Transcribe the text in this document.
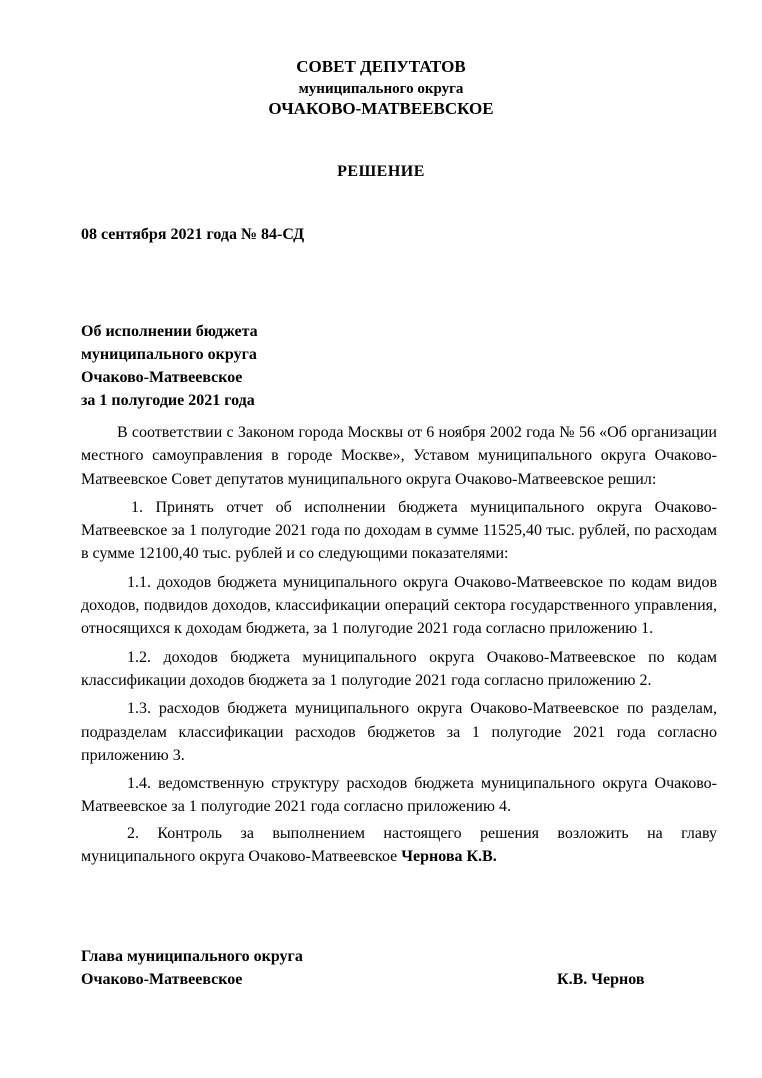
СОВЕТ ДЕПУТАТОВ
муниципального округа
ОЧАКОВО-МАТВЕЕВСКОЕ
РЕШЕНИЕ
08 сентября 2021 года № 84-СД
Об исполнении бюджета
муниципального округа
Очаково-Матвеевское
за 1 полугодие 2021 года

В соответствии с Законом города Москвы от 6 ноября 2002 года № 56 «Об организации местного самоуправления в городе Москве», Уставом муниципального округа Очаково-Матвеевское Совет депутатов муниципального округа Очаково-Матвеевское решил:

1. Принять отчет об исполнении бюджета муниципального округа Очаково-Матвеевское за 1 полугодие 2021 года по доходам в сумме 11525,40 тыс. рублей, по расходам в сумме 12100,40 тыс. рублей и со следующими показателями:

1.1. доходов бюджета муниципального округа Очаково-Матвеевское по кодам видов доходов, подвидов доходов, классификации операций сектора государственного управления, относящихся к доходам бюджета, за 1 полугодие 2021 года согласно приложению 1.

1.2. доходов бюджета муниципального округа Очаково-Матвеевское по кодам классификации доходов бюджета за 1 полугодие 2021 года согласно приложению 2.

1.3. расходов бюджета муниципального округа Очаково-Матвеевское по разделам, подразделам классификации расходов бюджетов за 1 полугодие 2021 года согласно приложению 3.

1.4. ведомственную структуру расходов бюджета муниципального округа Очаково-Матвеевское за 1 полугодие 2021 года согласно приложению 4.

2. Контроль за выполнением настоящего решения возложить на главу муниципального округа Очаково-Матвеевское Чернова К.В.

Глава муниципального округа
Очаково-Матвеевское	К.В. Чернов
